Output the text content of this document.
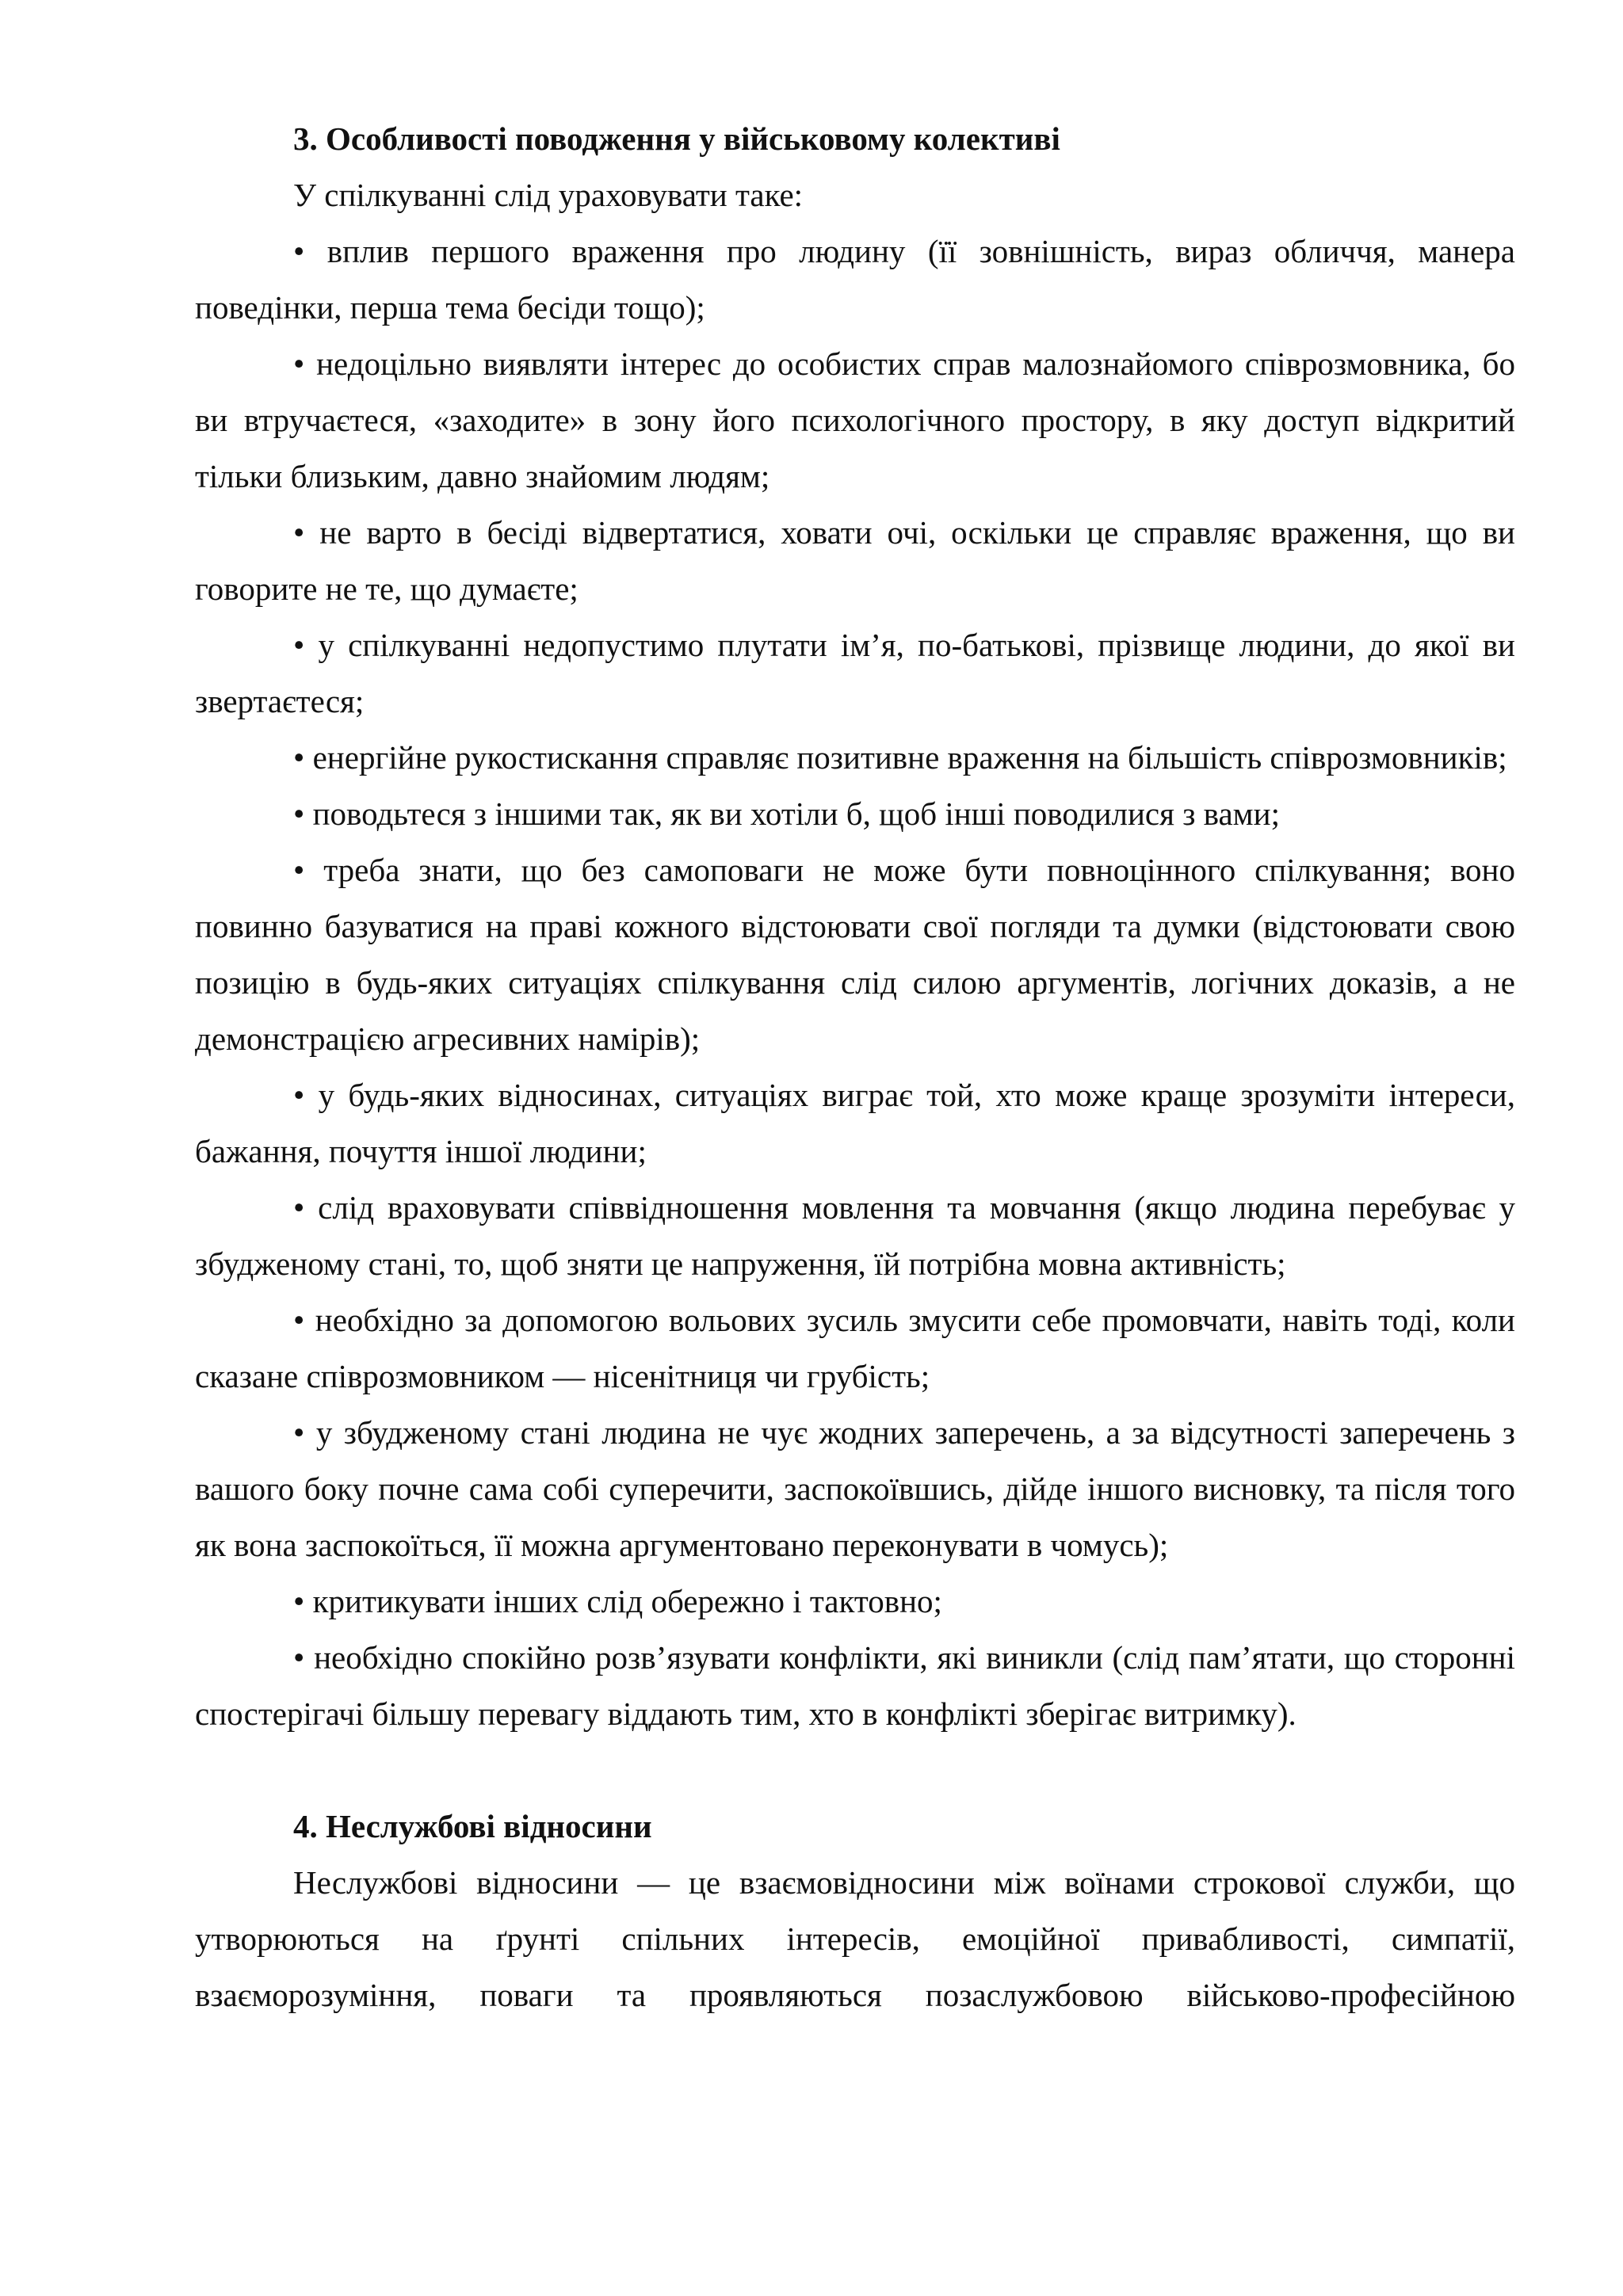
3. Особливості поводження у військовому колективі

У спілкуванні слід ураховувати таке:

• вплив першого враження про людину (її зовнішність, вираз обличчя, манера поведінки, перша тема бесіди тощо);

• недоцільно виявляти інтерес до особистих справ малознайомого співрозмовника, бо ви втручаєтеся, «заходите» в зону його психологічного простору, в яку доступ відкритий тільки близьким, давно знайомим людям;

• не варто в бесіді відвертатися, ховати очі, оскільки це справляє враження, що ви говорите не те, що думаєте;

• у спілкуванні недопустимо плутати ім’я, по-батькові, прізвище людини, до якої ви звертаєтеся;

• енергійне рукостискання справляє позитивне враження на більшість співрозмовників;

• поводьтеся з іншими так, як ви хотіли б, щоб інші поводилися з вами;

• треба знати, що без самоповаги не може бути повноцінного спілкування; воно повинно базуватися на праві кожного відстоювати свої погляди та думки (відстоювати свою позицію в будь-яких ситуаціях спілкування слід силою аргументів, логічних доказів, а не демонстрацією агресивних намірів);

• у будь-яких відносинах, ситуаціях виграє той, хто може краще зрозуміти інтереси, бажання, почуття іншої людини;

• слід враховувати співвідношення мовлення та мовчання (якщо людина перебуває у збудженому стані, то, щоб зняти це напруження, їй потрібна мовна активність;

• необхідно за допомогою вольових зусиль змусити себе промовчати, навіть тоді, коли сказане співрозмовником — нісенітниця чи грубість;

• у збудженому стані людина не чує жодних заперечень, а за відсутності заперечень з вашого боку почне сама собі суперечити, заспокоївшись, дійде іншого висновку, та після того як вона заспокоїться, її можна аргументовано переконувати в чомусь);

• критикувати інших слід обережно і тактовно;

• необхідно спокійно розв’язувати конфлікти, які виникли (слід пам’ятати, що сторонні спостерігачі більшу перевагу віддають тим, хто в конфлікті зберігає витримку).

4. Неслужбові відносини

Неслужбові відносини — це взаємовідносини між воїнами строкової служби, що утворюються на ґрунті спільних інтересів, емоційної привабливості, симпатії, взаєморозуміння, поваги та проявляються позаслужбовою військово-професійною
